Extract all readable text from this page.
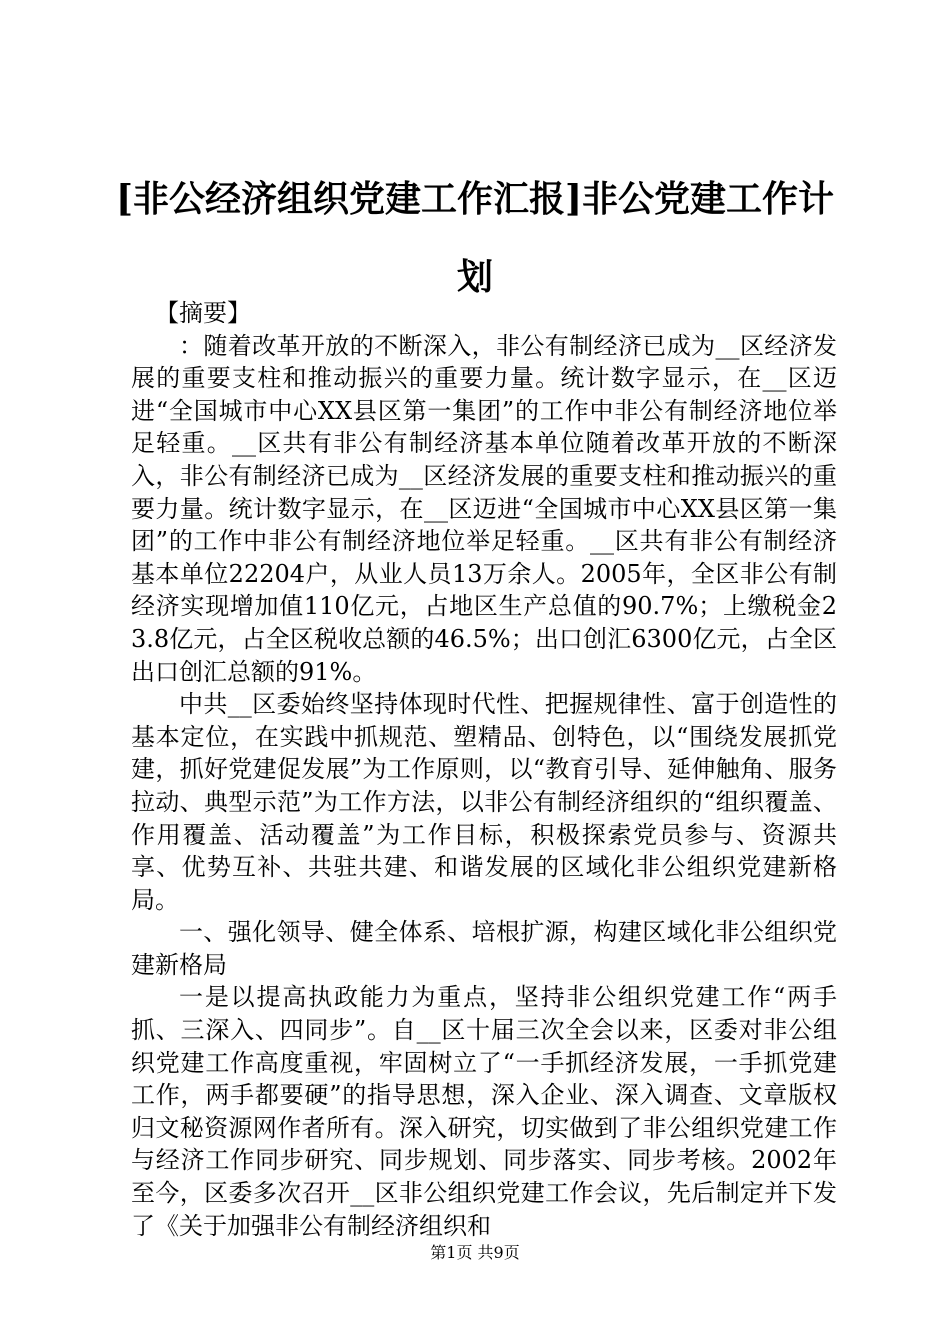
[非公经济组织党建工作汇报]非公党建工作计划

【摘要】

：随着改革开放的不断深入，非公有制经济已成为__区经济发展的重要支柱和推动振兴的重要力量。统计数字显示，在__区迈进“全国城市中心XX县区第一集团”的工作中非公有制经济地位举足轻重。__区共有非公有制经济基本单位随着改革开放的不断深入，非公有制经济已成为__区经济发展的重要支柱和推动振兴的重要力量。统计数字显示，在__区迈进“全国城市中心XX县区第一集团”的工作中非公有制经济地位举足轻重。__区共有非公有制经济基本单位22204户，从业人员13万余人。2005年，全区非公有制经济实现增加值110亿元，占地区生产总值的90.7%；上缴税金23.8亿元，占全区税收总额的46.5%；出口创汇6300亿元，占全区出口创汇总额的91%。

中共__区委始终坚持体现时代性、把握规律性、富于创造性的基本定位，在实践中抓规范、塑精品、创特色，以“围绕发展抓党建，抓好党建促发展”为工作原则，以“教育引导、延伸触角、服务拉动、典型示范”为工作方法，以非公有制经济组织的“组织覆盖、作用覆盖、活动覆盖”为工作目标，积极探索党员参与、资源共享、优势互补、共驻共建、和谐发展的区域化非公组织党建新格局。

一、强化领导、健全体系、培根扩源，构建区域化非公组织党建新格局

一是以提高执政能力为重点，坚持非公组织党建工作“两手抓、三深入、四同步”。自__区十届三次全会以来，区委对非公组织党建工作高度重视，牢固树立了“一手抓经济发展，一手抓党建工作，两手都要硬”的指导思想，深入企业、深入调查、文章版权归文秘资源网作者所有。深入研究，切实做到了非公组织党建工作与经济工作同步研究、同步规划、同步落实、同步考核。2002年至今，区委多次召开__区非公组织党建工作会议，先后制定并下发了《关于加强非公有制经济组织和

第1页 共9页
